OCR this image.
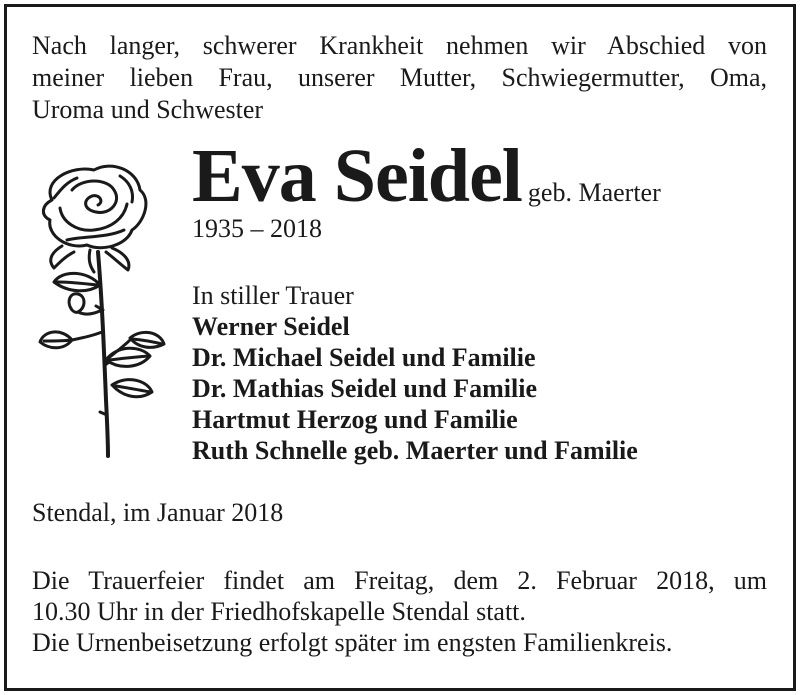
Nach langer, schwerer Krankheit nehmen wir Abschied von
meiner lieben Frau, unserer Mutter, Schwiegermutter, Oma,
Uroma und Schwester
Eva Seidel geb. Maerter
1935 – 2018
In stiller Trauer
Werner Seidel
Dr. Michael Seidel und Familie
Dr. Mathias Seidel und Familie
Hartmut Herzog und Familie
Ruth Schnelle geb. Maerter und Familie
Stendal, im Januar 2018
Die Trauerfeier findet am Freitag, dem 2. Februar 2018, um
10.30 Uhr in der Friedhofskapelle Stendal statt.
Die Urnenbeisetzung erfolgt später im engsten Familienkreis.
